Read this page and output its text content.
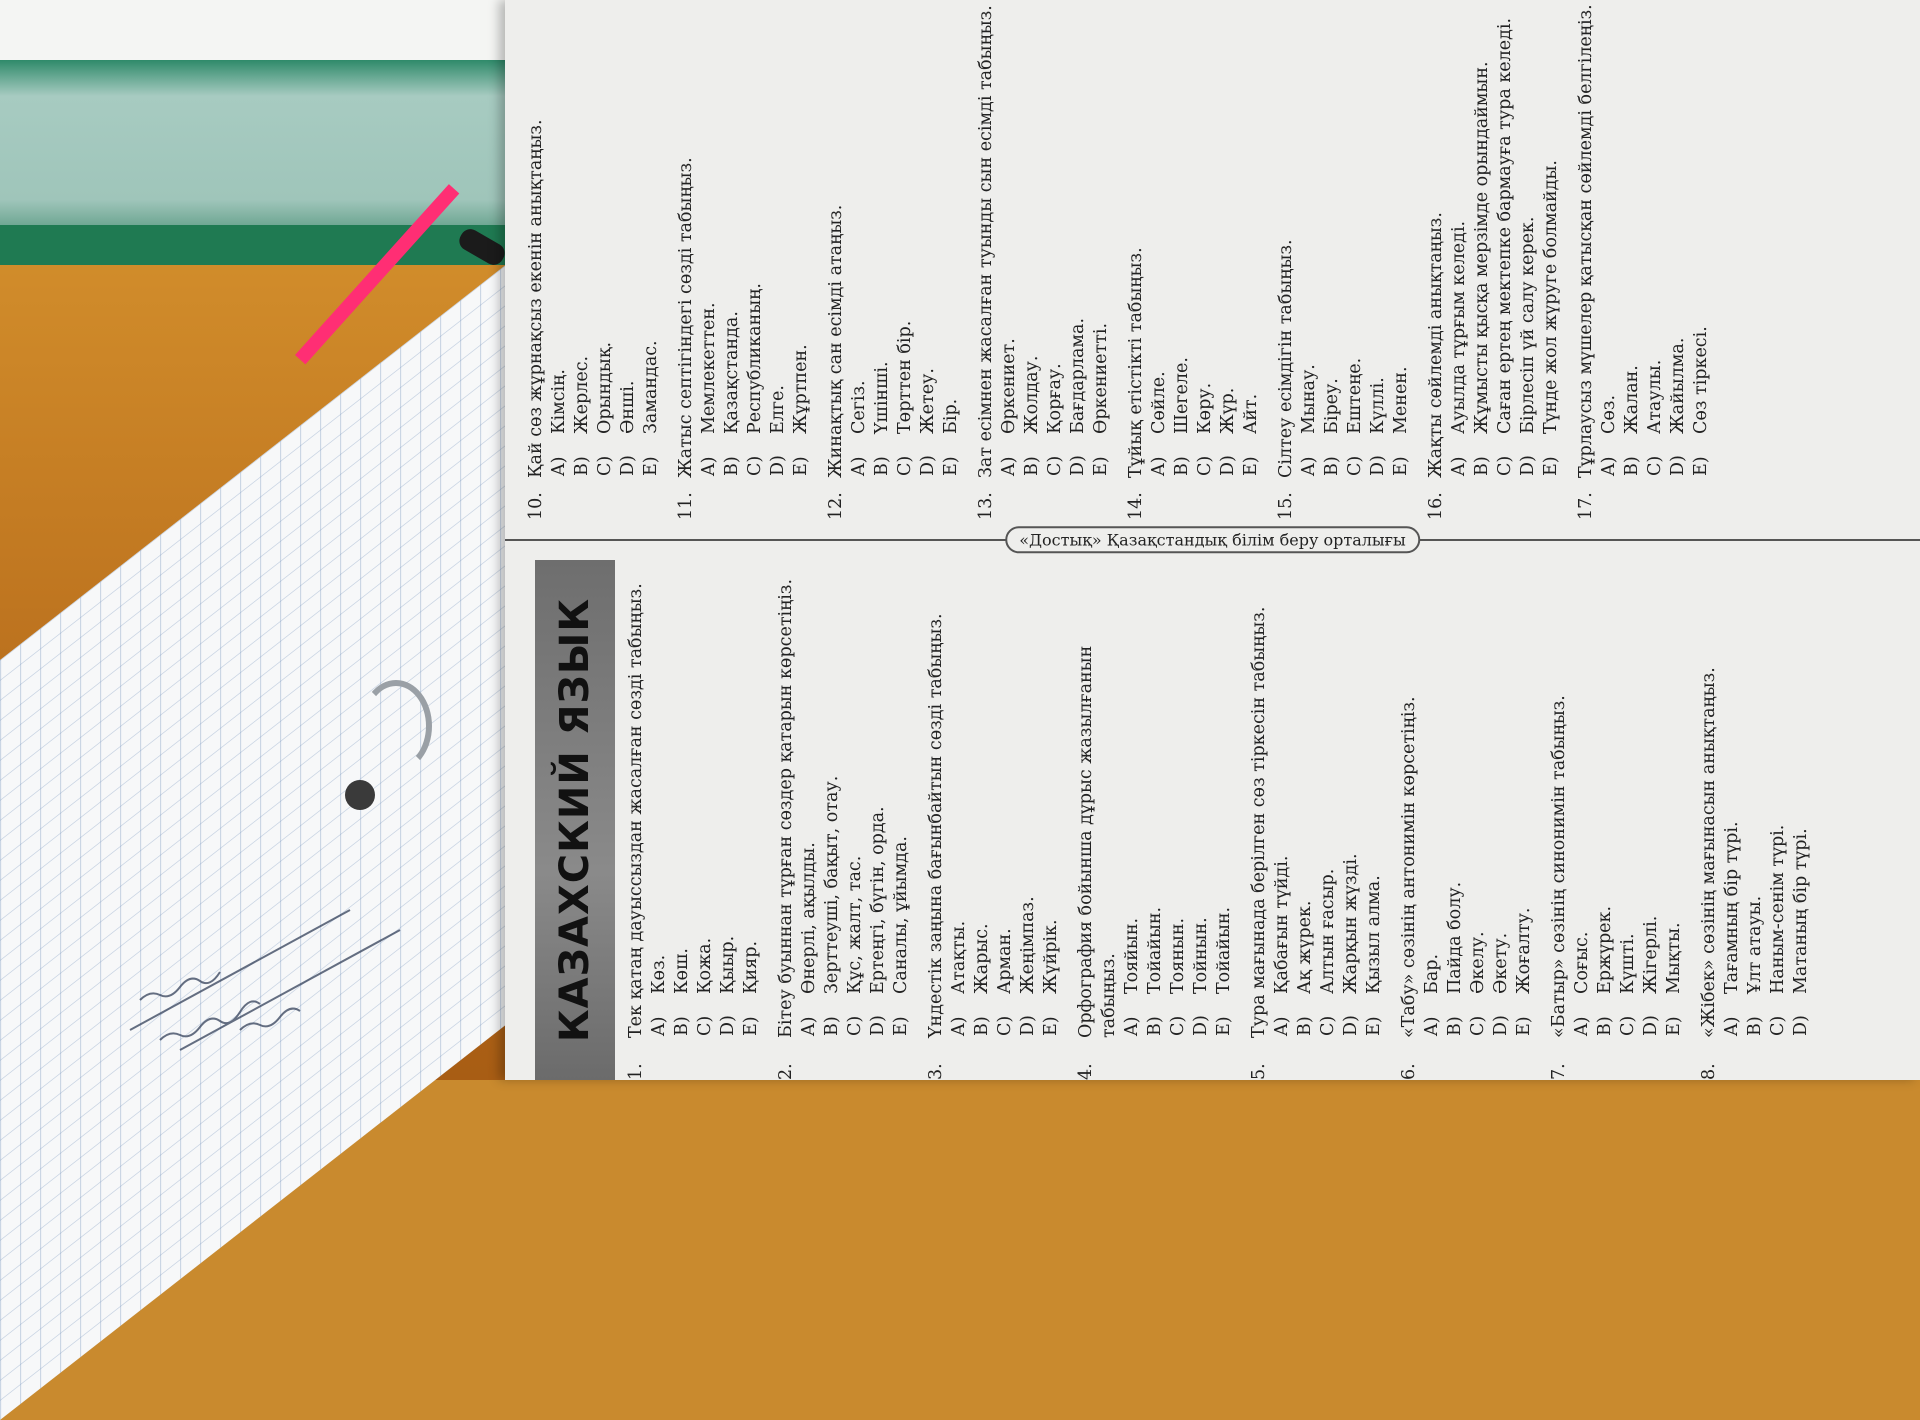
КАЗАХСКИЙ ЯЗЫК
1.
Тек қатаң дауыссыздан жасалған сөзді табыңыз. A)
Көз.
B)
Көш.
C)
Қожа.
D)
Қыыр.
E)
Қияр.
2.
Бітеу буыннан тұрған сөздер қатарын көрсетіңіз. A)
Өнерлі, ақылды.
B)
Зерттеуші, бақыт, отау.
C)
Құс, жалт, тас.
D)
Ертеңгі, бүгін, орда.
E)
Саналы, ұйымда.
3.
Үндестік заңына бағынбайтын сөзді табыңыз. A)
Атақты.
B)
Жарыс.
C)
Арман.
D)
Жеңімпаз.
E)
Жүйрік.
4.
Орфография бойынша дұрыс жазылғанын табыңыз. A)
Тояйын.
B)
Тойайын.
C)
Тоянын.
D)
Тойнын.
E)
Тойайын.
5.
Тура мағынада берілген сөз тіркесін табыңыз. A)
Қабағын түйді.
B)
Ақ жүрек.
C)
Алтын ғасыр.
D)
Жарқын жүзді.
E)
Қызыл алма.
6.
«Табу» сөзінің антонимін көрсетіңіз. A)
Бар.
B)
Пайда болу.
C)
Әкелу.
D)
Әкету.
E)
Жоғалту.
7.
«Батыр» сөзінің синонимін табыңыз. A)
Соғыс.
B)
Ержүрек.
C)
Күшті.
D)
Жігерлі.
E)
Мықты.
8.
«Жібек» сөзінің мағынасын анықтаңыз. A)
Тағамның бір түрі.
B)
Ұлт атауы.
C)
Наным-сенім түрі.
D)
Матаның бір түрі.
«Достық» Қазақстандық білім беру орталығы
10.
Қай сөз жұрнақсыз екенін анықтаңыз. A)
Кімсің.
B)
Жерлес.
C)
Орындық.
D)
Әнші.
E)
Замандас.
11.
Жатыс септігіндегі сөзді табыңыз. A)
Мемлекеттен.
B)
Қазақстанда.
C)
Республиканың.
D)
Елге.
E)
Жұртпен.
12.
Жинақтық сан есімді атаңыз. A)
Сегіз.
B)
Үшінші.
C)
Төрттен бір.
D)
Жетеу.
E)
Бір.
13.
Зат есімнен жасалған туынды сын есімді табыңыз. A)
Өркениет.
B)
Жолдау.
C)
Қорғау.
D)
Бағдарлама.
E)
Өркениетті.
14.
Тұйық етістікті табыңыз. A)
Сөйле.
B)
Шегеле.
C)
Көру.
D)
Жүр.
E)
Айт.
15.
Сілтеу есімдігін табыңыз. A)
Мынау.
B)
Біреу.
C)
Ештеңе.
D)
Күллі.
E)
Менен.
16.
Жақты сөйлемді анықтаңыз. A)
Ауылда тұрғым келеді.
B)
Жұмысты қысқа мерзімде орындаймын.
C)
Саған ертең мектепке бармауға тура келеді.
D)
Бірлесіп үй салу керек.
E)
Түнде жол жүруге болмайды.
17.
Тұрлаусыз мүшелер қатысқан сөйлемді белгілеңіз. A)
Сөз.
B)
Жалан.
C)
Атаулы.
D)
Жайылма.
E)
Сөз тіркесі.
